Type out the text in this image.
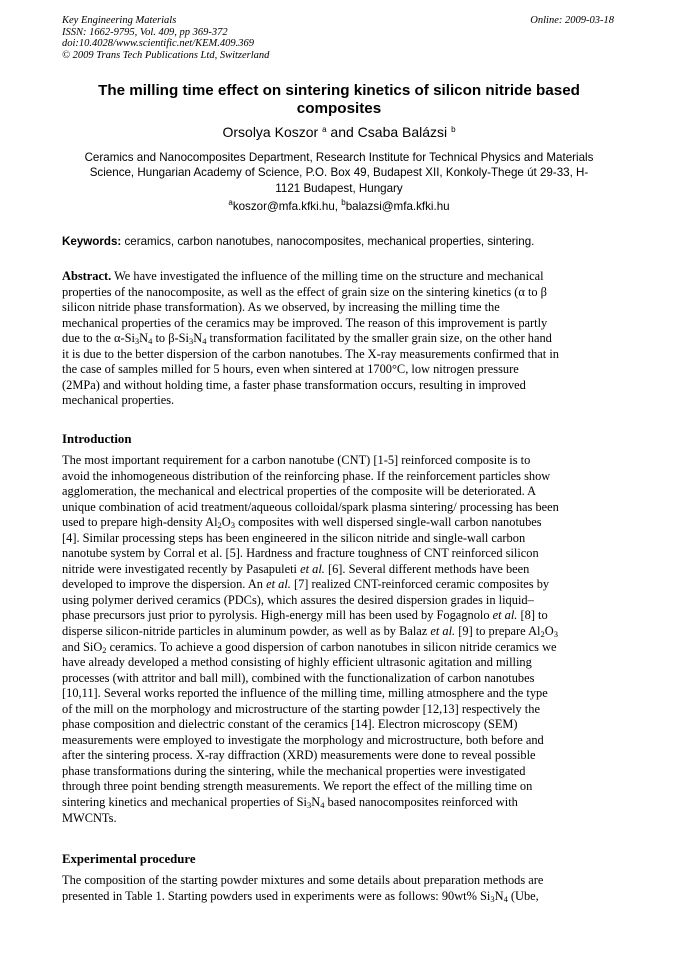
Key Engineering Materials
ISSN: 1662-9795, Vol. 409, pp 369-372
doi:10.4028/www.scientific.net/KEM.409.369
© 2009 Trans Tech Publications Ltd, Switzerland
Online: 2009-03-18
The milling time effect on sintering kinetics of silicon nitride based
composites
Orsolya Koszor $^a$ and Csaba Balázsi $^b$
Ceramics and Nanocomposites Department, Research Institute for Technical Physics and Materials
Science, Hungarian Academy of Science, P.O. Box 49, Budapest XII, Konkoly-Thege út 29-33, H-
1121 Budapest, Hungary
$^a$koszor@mfa.kfki.hu, $^b$balazsi@mfa.kfki.hu
Keywords: ceramics, carbon nanotubes, nanocomposites, mechanical properties, sintering.
Abstract. We have investigated the influence of the milling time on the structure and mechanical
properties of the nanocomposite, as well as the effect of grain size on the sintering kinetics (α to β
silicon nitride phase transformation). As we observed, by increasing the milling time the
mechanical properties of the ceramics may be improved. The reason of this improvement is partly
due to the $\alpha-Si_3N_4$ to $\beta-Si_3N_4$ transformation facilitated by the smaller grain size, on the other hand
it is due to the better dispersion of the carbon nanotubes. The X-ray measurements confirmed that in
the case of samples milled for 5 hours, even when sintered at 1700°C, low nitrogen pressure
(2MPa) and without holding time, a faster phase transformation occurs, resulting in improved
mechanical properties.
Introduction
The most important requirement for a carbon nanotube (CNT) [1-5] reinforced composite is to
avoid the inhomogeneous distribution of the reinforcing phase. If the reinforcement particles show
agglomeration, the mechanical and electrical properties of the composite will be deteriorated. A
unique combination of acid treatment/aqueous colloidal/spark plasma sintering/ processing has been
used to prepare high-density $Al_2O_3$ composites with well dispersed single-wall carbon nanotubes
[4]. Similar processing steps has been engineered in the silicon nitride and single-wall carbon
nanotube system by Corral et al. [5]. Hardness and fracture toughness of CNT reinforced silicon
nitride were investigated recently by Pasapuleti et al. [6]. Several different methods have been
developed to improve the dispersion. An et al. [7] realized CNT-reinforced ceramic composites by
using polymer derived ceramics (PDCs), which assures the desired dispersion grades in liquid–
phase precursors just prior to pyrolysis. High-energy mill has been used by Fogagnolo et al. [8] to
disperse silicon-nitride particles in aluminum powder, as well as by Balaz et al. [9] to prepare $Al_2O_3$
and SiO$_2$ ceramics. To achieve a good dispersion of carbon nanotubes in silicon nitride ceramics we
have already developed a method consisting of highly efficient ultrasonic agitation and milling
processes (with attritor and ball mill), combined with the functionalization of carbon nanotubes
[10,11]. Several works reported the influence of the milling time, milling atmosphere and the type
of the mill on the morphology and microstructure of the starting powder [12,13] respectively the
phase composition and dielectric constant of the ceramics [14]. Electron microscopy (SEM)
measurements were employed to investigate the morphology and microstructure, both before and
after the sintering process. X-ray diffraction (XRD) measurements were done to reveal possible
phase transformations during the sintering, while the mechanical properties were investigated
through three point bending strength measurements. We report the effect of the milling time on
sintering kinetics and mechanical properties of $Si_3N_4$ based nanocomposites reinforced with
MWCNTs.
Experimental procedure
The composition of the starting powder mixtures and some details about preparation methods are
presented in Table 1. Starting powders used in experiments were as follows: 90wt% $Si_3N_4$ (Ube,
